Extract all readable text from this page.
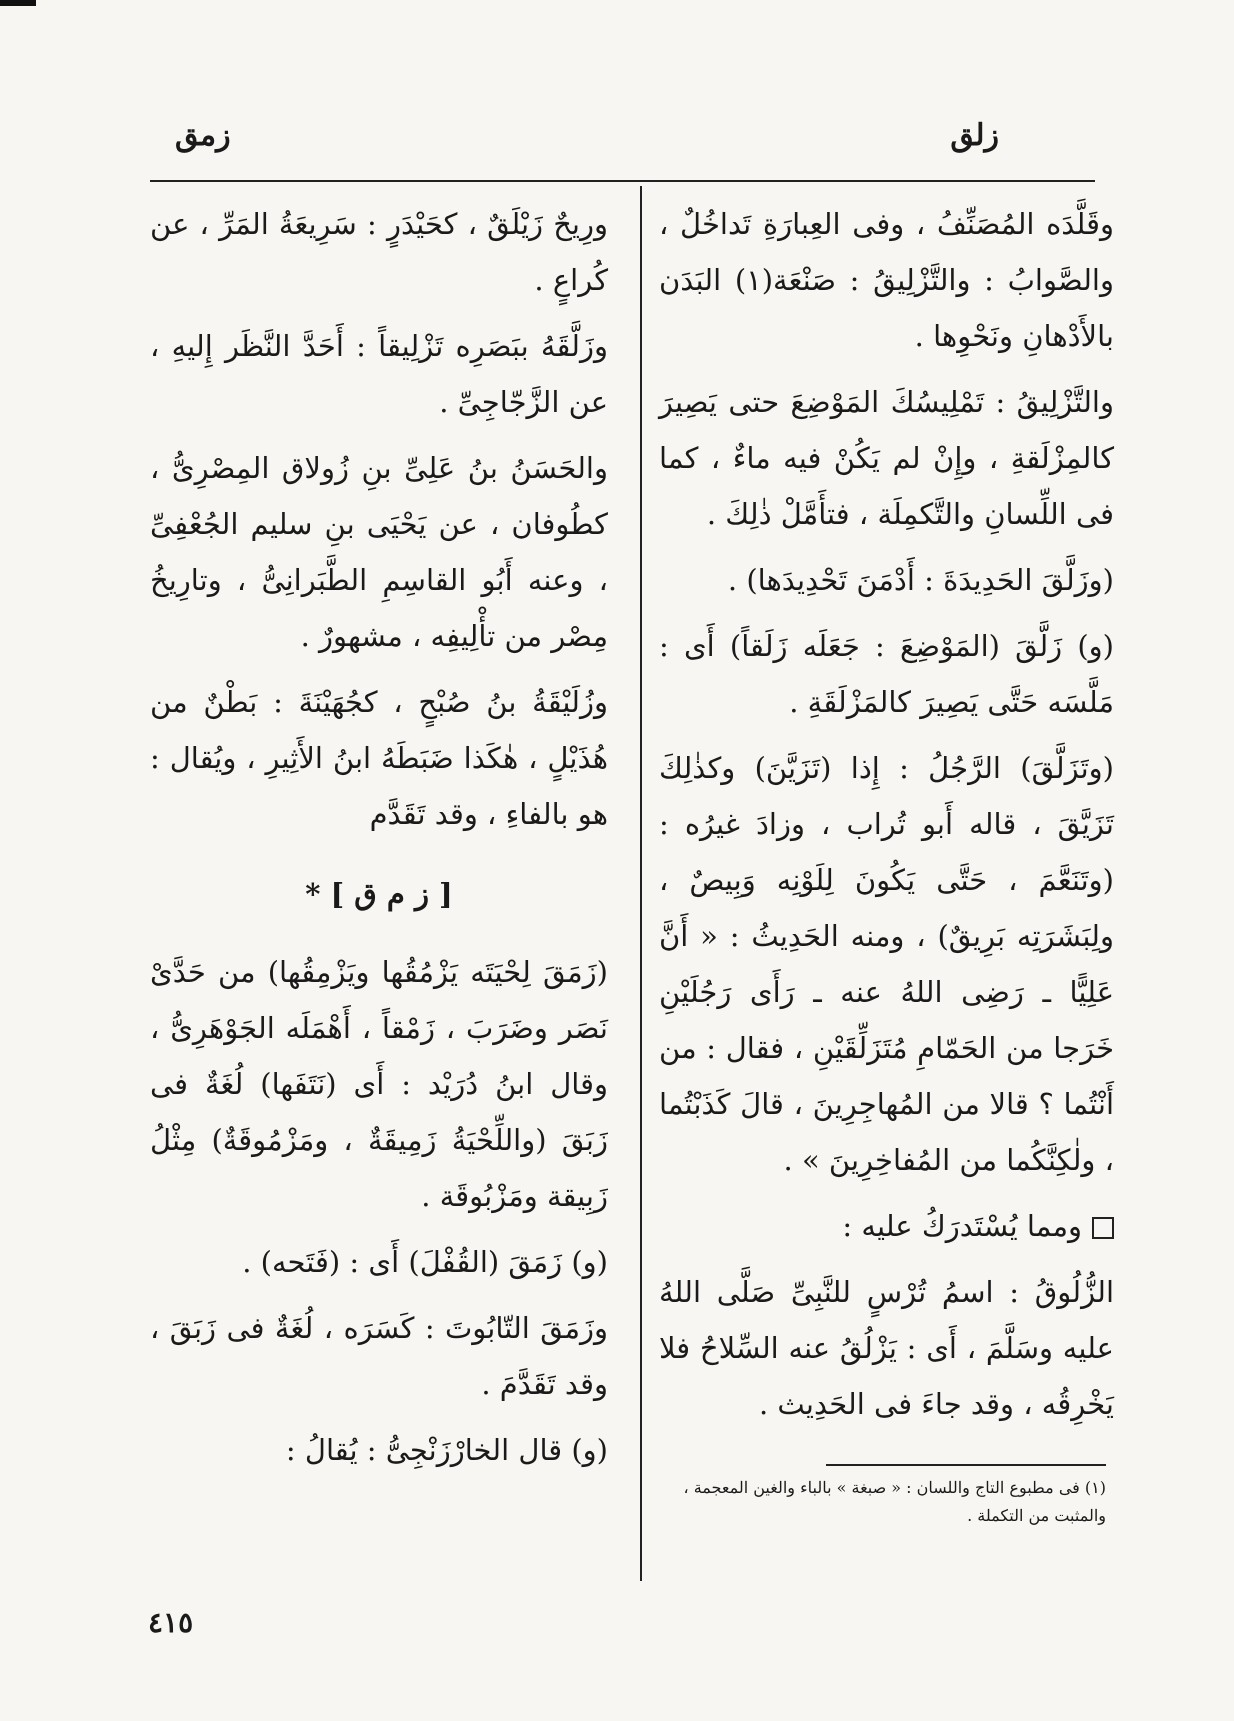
زلق
زمق

وقَلَّدَه المُصَنِّفُ ، وفى العِبارَةِ تَداخُلٌ ، والصَّوابُ : والتَّزْلِيقُ : صَنْعَة(١) البَدَن بالأَدْهانِ ونَحْوِها .

والتَّزْلِيقُ : تَمْلِيسُكَ المَوْضِعَ حتى يَصِيرَ كالمِزْلَقةِ ، وإِنْ لم يَكُنْ فيه ماءٌ ، كما فى اللِّسانِ والتَّكمِلَة ، فتأَمَّلْ ذٰلِكَ .

(وزَلَّقَ الحَدِيدَةَ : أَدْمَنَ تَحْدِيدَها) .

(و) زَلَّقَ (المَوْضِعَ : جَعَلَه زَلَقاً) أَى : مَلَّسَه حَتَّى يَصِيرَ كالمَزْلَقَةِ .

(وتَزَلَّقَ) الرَّجُلُ : إِذا (تَزَيَّنَ) وكذٰلِكَ تَزَيَّقَ ، قاله أَبو تُراب ، وزادَ غيرُه : (وتَنَعَّمَ ، حَتَّى يَكُونَ لِلَوْنِه وَبِيصٌ ، ولِبَشَرَتِه بَرِيقٌ) ، ومنه الحَدِيثُ : « أَنَّ عَلِيًّا ـ رَضِى اللهُ عنه ـ رَأَى رَجُلَيْنِ خَرَجا من الحَمّامِ مُتَزَلِّقَيْنِ ، فقال : من أَنْتُما ؟ قالا من المُهاجِرِينَ ، قالَ كَذَبْتُما ، ولٰكِنَّكُما من المُفاخِرِينَ » .

ومما يُسْتَدرَكُ عليه :

الزُّلُوقُ : اسمُ تُرْسٍ للنَّبِىِّ صَلَّى اللهُ عليه وسَلَّمَ ، أَى : يَزْلُقُ عنه السِّلاحُ فلا يَخْرِقُه ، وقد جاءَ فى الحَدِيث .

(١) فى مطبوع التاج واللسان : « صبغة » بالباء والغين المعجمة ، والمثبت من التكملة .

ورِيحٌ زَيْلَقٌ ، كحَيْدَرٍ : سَرِيعَةُ المَرِّ ، عن كُراعٍ .

وزَلَّقَهُ ببَصَرِه تَزْلِيقاً : أَحَدَّ النَّظَر إِليهِ ، عن الزَّجّاجِىِّ .

والحَسَنُ بنُ عَلِىِّ بنِ زُولاق المِصْرِىُّ ، كطُوفان ، عن يَحْيَى بنِ سليم الجُعْفِىِّ ، وعنه أَبُو القاسِمِ الطَّبَرانِىُّ ، وتارِيخُ مِصْر من تأْلِيفِه ، مشهورٌ .

وزُلَيْقَةُ بنُ صُبْحٍ ، كجُهَيْنَةَ : بَطْنٌ من هُذَيْلٍ ، هٰكَذا ضَبَطَهُ ابنُ الأَثِيرِ ، ويُقال : هو بالفاءِ ، وقد تَقَدَّم

[ ز م ق ] *

(زَمَقَ لِحْيَتَه يَزْمُقُها ويَزْمِقُها) من حَدَّىْ نَصَر وضَرَبَ ، زَمْقاً ، أَهْمَلَه الجَوْهَرِىُّ ، وقال ابنُ دُرَيْد : أَى (نَتَفَها) لُغَةٌ فى زَبَقَ (واللِّحْيَةُ زَمِيقَةٌ ، ومَزْمُوقَةٌ) مِثْلُ زَبِيقة ومَزْبُوقَة .

(و) زَمَقَ (القُفْلَ) أَى : (فَتَحه) .

وزَمَقَ التّابُوتَ : كَسَرَه ، لُغَةٌ فى زَبَقَ ، وقد تَقَدَّمَ .

(و) قال الخارْزَنْجِىُّ : يُقالُ :

٤١٥
